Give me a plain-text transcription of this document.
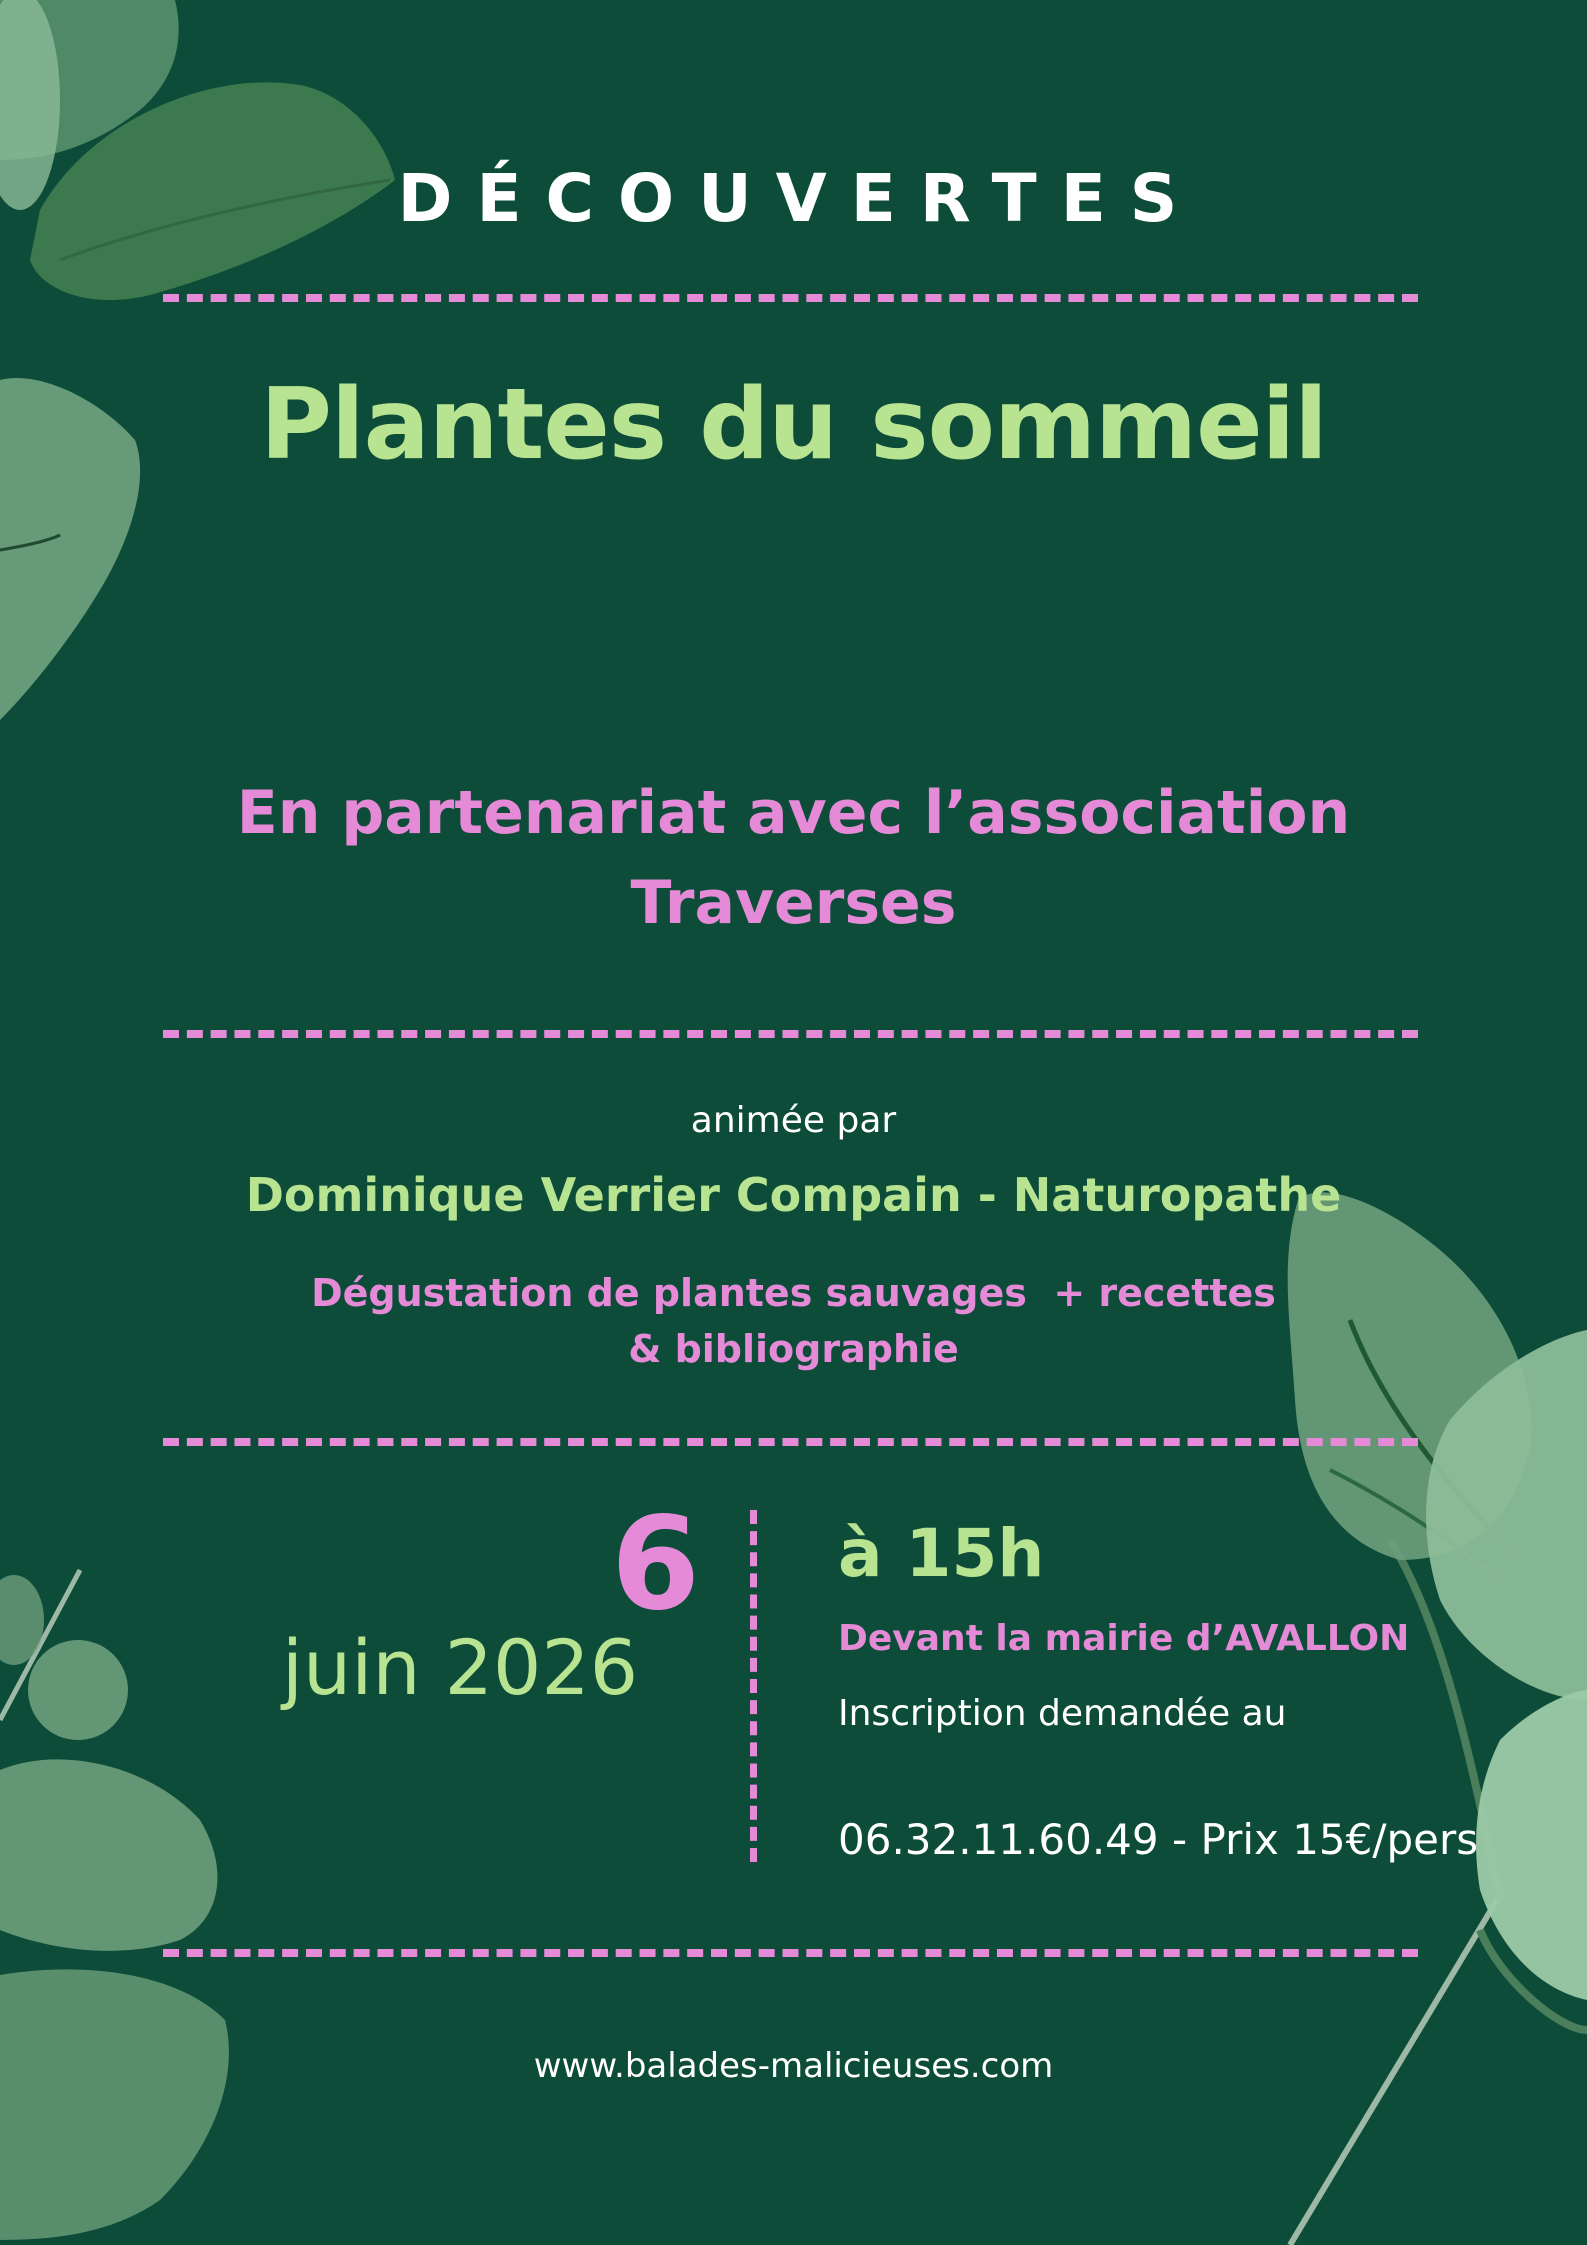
DÉCOUVERTES
Plantes du sommeil
En partenariat avec l’association
Traverses
animée par
Dominique Verrier Compain - Naturopathe
Dégustation de plantes sauvages  + recettes
& bibliographie
6
juin 2026
à 15h
Devant la mairie d’AVALLON
Inscription demandée au
06.32.11.60.49 - Prix 15€/pers
www.balades-malicieuses.com
